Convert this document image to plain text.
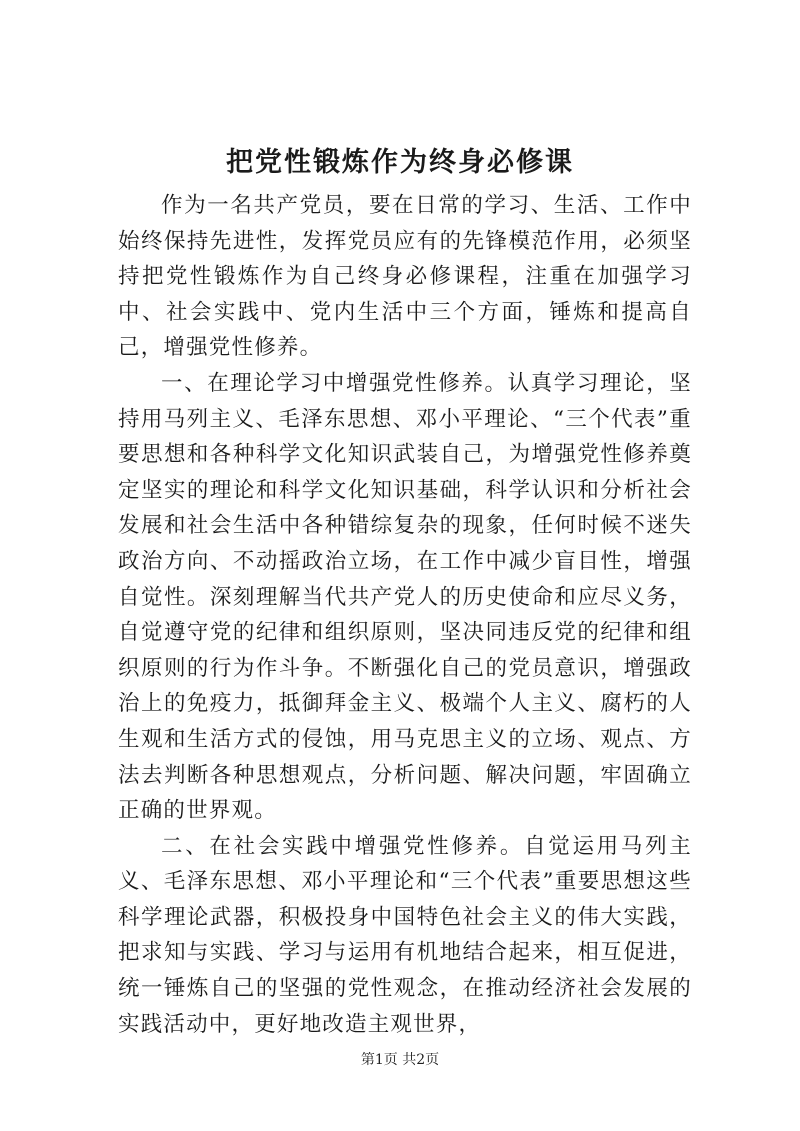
把党性锻炼作为终身必修课

作为一名共产党员，要在日常的学习、生活、工作中始终保持先进性，发挥党员应有的先锋模范作用，必须坚持把党性锻炼作为自己终身必修课程，注重在加强学习中、社会实践中、党内生活中三个方面，锤炼和提高自己，增强党性修养。

一、在理论学习中增强党性修养。认真学习理论，坚持用马列主义、毛泽东思想、邓小平理论、“三个代表”重要思想和各种科学文化知识武装自己，为增强党性修养奠定坚实的理论和科学文化知识基础，科学认识和分析社会发展和社会生活中各种错综复杂的现象，任何时候不迷失政治方向、不动摇政治立场，在工作中减少盲目性，增强自觉性。深刻理解当代共产党人的历史使命和应尽义务，自觉遵守党的纪律和组织原则，坚决同违反党的纪律和组织原则的行为作斗争。不断强化自己的党员意识，增强政治上的免疫力，抵御拜金主义、极端个人主义、腐朽的人生观和生活方式的侵蚀，用马克思主义的立场、观点、方法去判断各种思想观点，分析问题、解决问题，牢固确立正确的世界观。

二、在社会实践中增强党性修养。自觉运用马列主义、毛泽东思想、邓小平理论和“三个代表”重要思想这些科学理论武器，积极投身中国特色社会主义的伟大实践，把求知与实践、学习与运用有机地结合起来，相互促进，统一锤炼自己的坚强的党性观念，在推动经济社会发展的实践活动中，更好地改造主观世界，

第1页 共2页
